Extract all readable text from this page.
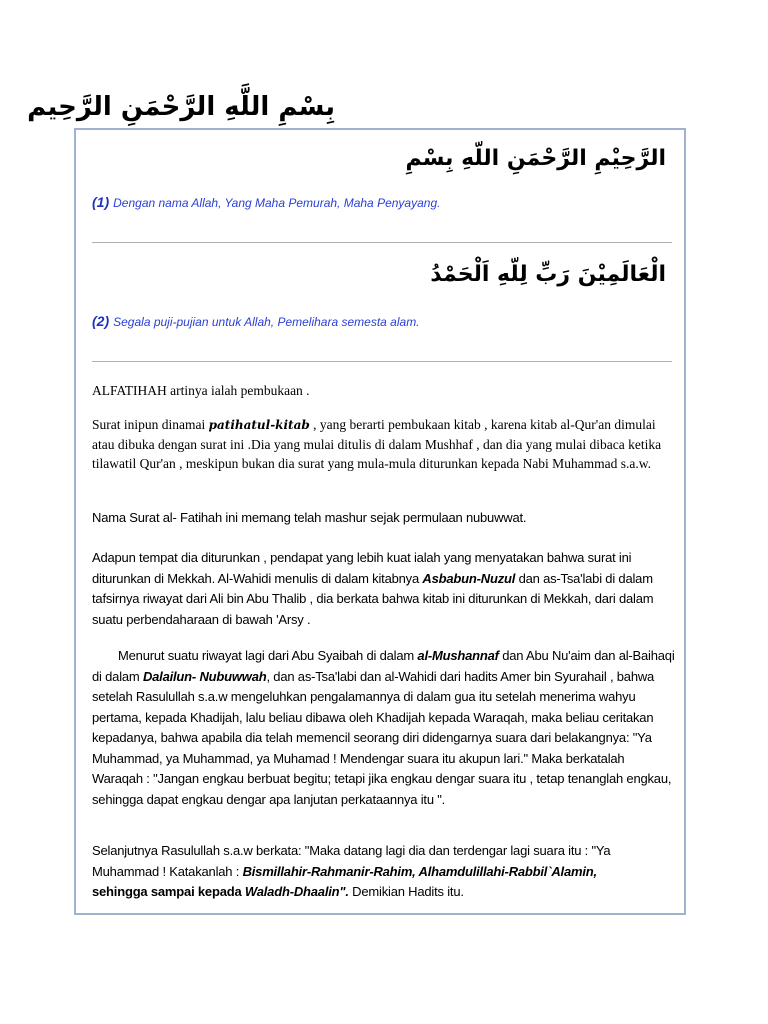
بِسْمِ اللَّهِ الرَّحْمَنِ الرَّحِيم
الرَّحِيْمِ الرَّحْمَنِ اللّهِ بِسْمِ
(1) Dengan nama Allah, Yang Maha Pemurah, Maha Penyayang.
الْعَالَمِيْنَ رَبِّ لِلّهِ اَلْحَمْدُ
(2) Segala puji-pujian untuk Allah, Pemelihara semesta alam.
ALFATIHAH artinya ialah pembukaan .
Surat inipun dinamai patihatul-kitab , yang berarti pembukaan kitab , karena kitab al-Qur'an dimulai atau dibuka dengan surat ini .Dia yang mulai ditulis di dalam Mushhaf , dan dia yang mulai dibaca ketika tilawatil Qur'an , meskipun bukan dia surat yang mula-mula diturunkan kepada Nabi Muhammad s.a.w.
Nama Surat al- Fatihah ini memang telah mashur sejak permulaan nubuwwat.
Adapun tempat dia diturunkan , pendapat yang lebih kuat ialah yang menyatakan bahwa surat ini diturunkan di Mekkah. Al-Wahidi menulis di dalam kitabnya Asbabun-Nuzul dan as-Tsa'labi di dalam tafsirnya riwayat dari Ali bin Abu Thalib , dia berkata bahwa kitab ini diturunkan di Mekkah, dari dalam suatu perbendaharaan di bawah 'Arsy .
Menurut suatu riwayat lagi dari Abu Syaibah di dalam al-Mushannaf dan Abu Nu'aim dan al-Baihaqi di dalam Dalailun- Nubuwwah, dan as-Tsa'labi dan al-Wahidi dari hadits Amer bin Syurahail , bahwa setelah Rasulullah s.a.w mengeluhkan pengalamannya di dalam gua itu setelah menerima wahyu pertama, kepada Khadijah, lalu beliau dibawa oleh Khadijah kepada Waraqah, maka beliau ceritakan kepadanya, bahwa apabila dia telah memencil seorang diri didengarnya suara dari belakangnya: "Ya Muhammad, ya Muhammad, ya Muhamad ! Mendengar suara itu akupun lari." Maka berkatalah Waraqah : "Jangan engkau berbuat begitu; tetapi jika engkau dengar suara itu , tetap tenanglah engkau, sehingga dapat engkau dengar apa lanjutan perkataannya itu ".
Selanjutnya Rasulullah s.a.w berkata: "Maka datang lagi dia dan terdengar lagi suara itu : "Ya Muhammad ! Katakanlah : Bismillahir-Rahmanir-Rahim, Alhamdulillahi-Rabbil`Alamin,
sehingga sampai kepada Waladh-Dhaalin". Demikian Hadits itu.
